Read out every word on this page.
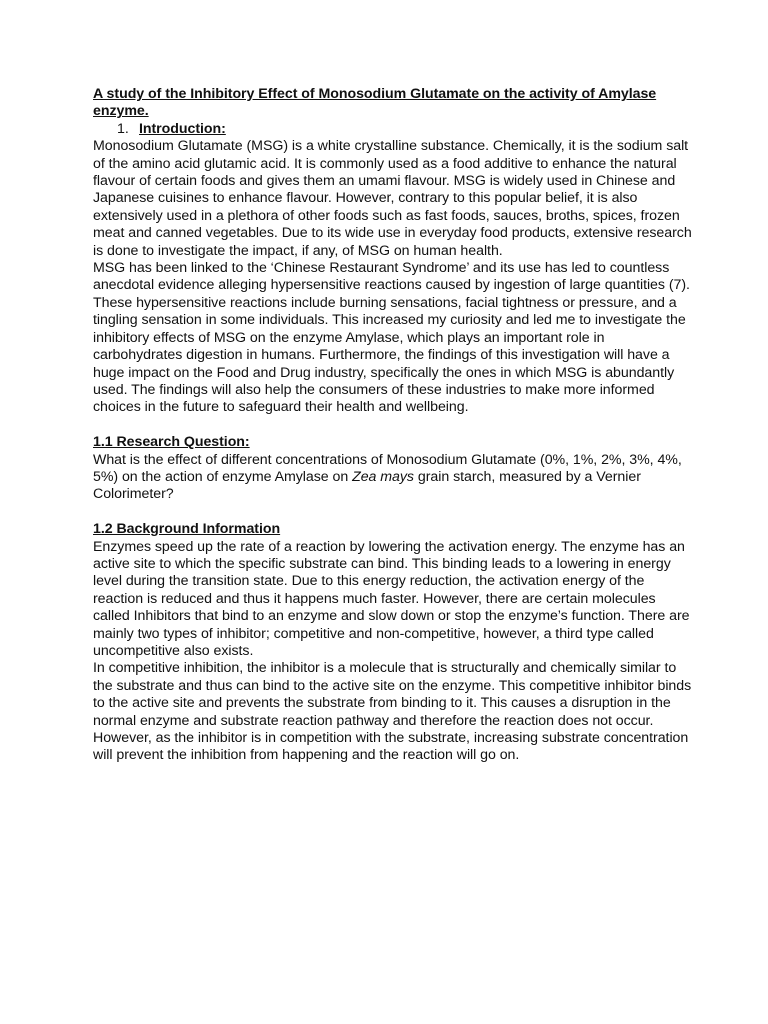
A study of the Inhibitory Effect of Monosodium Glutamate on the activity of Amylase enzyme.

1. Introduction:

Monosodium Glutamate (MSG) is a white crystalline substance. Chemically, it is the sodium salt of the amino acid glutamic acid. It is commonly used as a food additive to enhance the natural flavour of certain foods and gives them an umami flavour. MSG is widely used in Chinese and Japanese cuisines to enhance flavour. However, contrary to this popular belief, it is also extensively used in a plethora of other foods such as fast foods, sauces, broths, spices, frozen meat and canned vegetables. Due to its wide use in everyday food products, extensive research is done to investigate the impact, if any, of MSG on human health.

MSG has been linked to the ‘Chinese Restaurant Syndrome’ and its use has led to countless anecdotal evidence alleging hypersensitive reactions caused by ingestion of large quantities (7). These hypersensitive reactions include burning sensations, facial tightness or pressure, and a tingling sensation in some individuals. This increased my curiosity and led me to investigate the inhibitory effects of MSG on the enzyme Amylase, which plays an important role in carbohydrates digestion in humans. Furthermore, the findings of this investigation will have a huge impact on the Food and Drug industry, specifically the ones in which MSG is abundantly used. The findings will also help the consumers of these industries to make more informed choices in the future to safeguard their health and wellbeing.

1.1 Research Question:

What is the effect of different concentrations of Monosodium Glutamate (0%, 1%, 2%, 3%, 4%, 5%) on the action of enzyme Amylase on Zea mays grain starch, measured by a Vernier Colorimeter?

1.2 Background Information

Enzymes speed up the rate of a reaction by lowering the activation energy. The enzyme has an active site to which the specific substrate can bind. This binding leads to a lowering in energy level during the transition state. Due to this energy reduction, the activation energy of the reaction is reduced and thus it happens much faster. However, there are certain molecules called Inhibitors that bind to an enzyme and slow down or stop the enzyme’s function. There are mainly two types of inhibitor; competitive and non-competitive, however, a third type called uncompetitive also exists.

In competitive inhibition, the inhibitor is a molecule that is structurally and chemically similar to the substrate and thus can bind to the active site on the enzyme. This competitive inhibitor binds to the active site and prevents the substrate from binding to it. This causes a disruption in the normal enzyme and substrate reaction pathway and therefore the reaction does not occur. However, as the inhibitor is in competition with the substrate, increasing substrate concentration will prevent the inhibition from happening and the reaction will go on.
